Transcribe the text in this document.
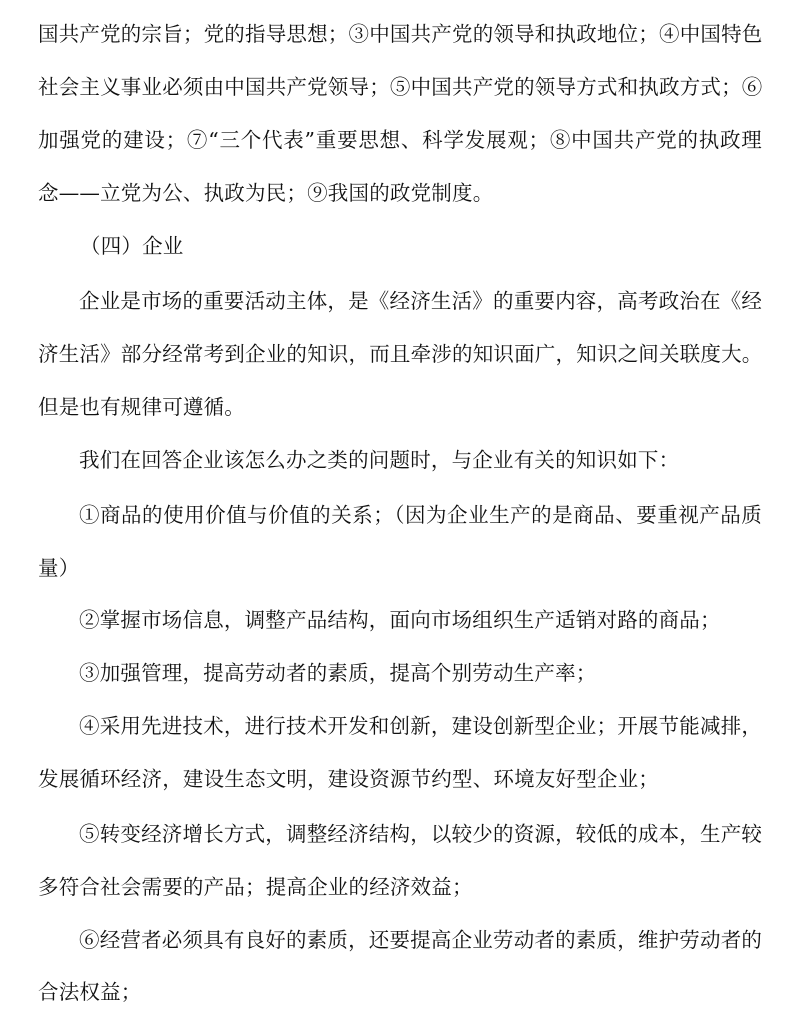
国共产党的宗旨；党的指导思想；③中国共产党的领导和执政地位；④中国特色
社会主义事业必须由中国共产党领导；⑤中国共产党的领导方式和执政方式；⑥
加强党的建设；⑦“三个代表”重要思想、科学发展观；⑧中国共产党的执政理
念——立党为公、执政为民；⑨我国的政党制度。
（四）企业
企业是市场的重要活动主体，是《经济生活》的重要内容，高考政治在《经
济生活》部分经常考到企业的知识，而且牵涉的知识面广，知识之间关联度大。
但是也有规律可遵循。
我们在回答企业该怎么办之类的问题时，与企业有关的知识如下：
①商品的使用价值与价值的关系；（因为企业生产的是商品、要重视产品质
量）
②掌握市场信息，调整产品结构，面向市场组织生产适销对路的商品；
③加强管理，提高劳动者的素质，提高个别劳动生产率；
④采用先进技术，进行技术开发和创新，建设创新型企业；开展节能减排，
发展循环经济，建设生态文明，建设资源节约型、环境友好型企业；
⑤转变经济增长方式，调整经济结构，以较少的资源，较低的成本，生产较
多符合社会需要的产品；提高企业的经济效益；
⑥经营者必须具有良好的素质，还要提高企业劳动者的素质，维护劳动者的
合法权益；
